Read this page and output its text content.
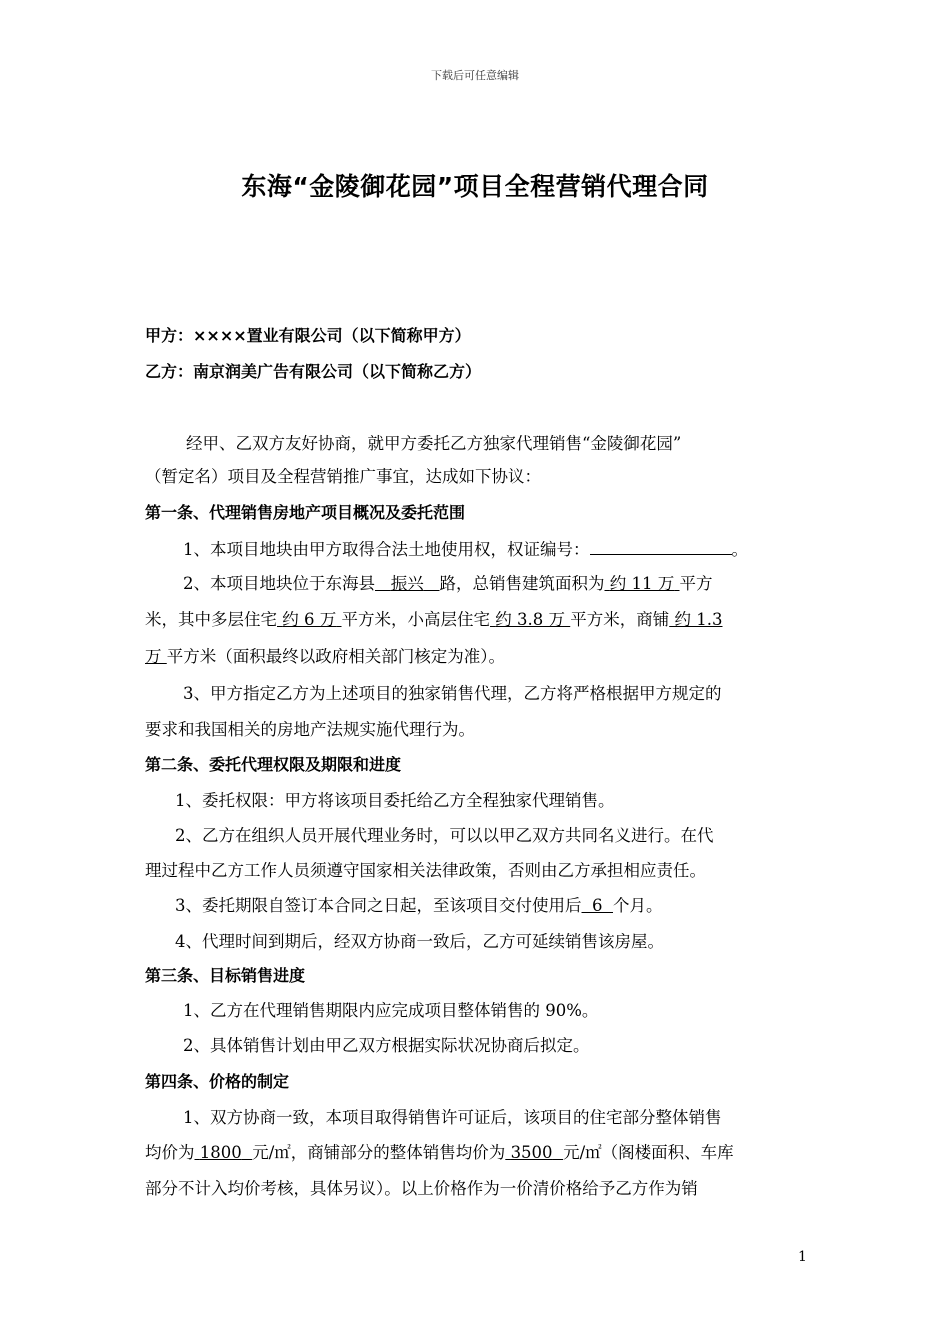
下载后可任意编辑
东海“金陵御花园”项目全程营销代理合同
甲方：××××置业有限公司（以下简称甲方）
乙方：南京润美广告有限公司（以下简称乙方）
经甲、乙双方友好协商，就甲方委托乙方独家代理销售“金陵御花园”
（暂定名）项目及全程营销推广事宜，达成如下协议：
第一条、代理销售房地产项目概况及委托范围
1、本项目地块由甲方取得合法土地使用权，权证编号：	。
2、本项目地块位于东海县 振兴 路，总销售建筑面积为 约 11 万 平方
米，其中多层住宅 约 6 万 平方米，小高层住宅 约 3.8 万 平方米，商铺 约 1.3
万 平方米（面积最终以政府相关部门核定为准）。
3、甲方指定乙方为上述项目的独家销售代理，乙方将严格根据甲方规定的
要求和我国相关的房地产法规实施代理行为。
第二条、委托代理权限及期限和进度
1、委托权限：甲方将该项目委托给乙方全程独家代理销售。
2、乙方在组织人员开展代理业务时，可以以甲乙双方共同名义进行。在代
理过程中乙方工作人员须遵守国家相关法律政策，否则由乙方承担相应责任。
3、委托期限自签订本合同之日起，至该项目交付使用后 6 个月。
4、代理时间到期后，经双方协商一致后，乙方可延续销售该房屋。
第三条、目标销售进度
1、乙方在代理销售期限内应完成项目整体销售的 90%。
2、具体销售计划由甲乙双方根据实际状况协商后拟定。
第四条、价格的制定
1、双方协商一致，本项目取得销售许可证后，该项目的住宅部分整体销售
均价为 1800 元/㎡，商铺部分的整体销售均价为 3500 元/㎡（阁楼面积、车库
部分不计入均价考核，具体另议）。以上价格作为一价清价格给予乙方作为销
1
